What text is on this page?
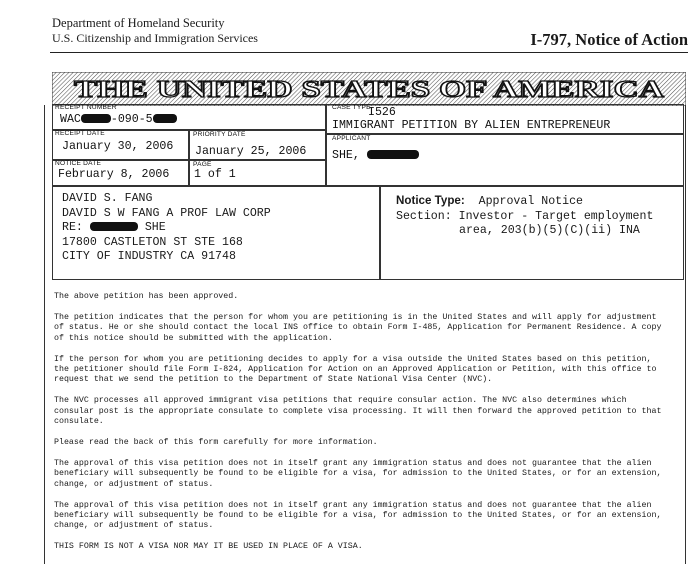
Department of Homeland Security
U.S. Citizenship and Immigration Services	I-797, Notice of Action
THE UNITED STATES OF AMERICA
RECEIPT NUMBER
WAC	-090-5
CASE TYPE
I526
IMMIGRANT PETITION BY ALIEN ENTREPRENEUR
RECEIPT DATE
January 30, 2006
PRIORITY DATE
January 25, 2006
APPLICANT
SHE,
NOTICE DATE
February 8, 2006
PAGE
1 of 1
DAVID S. FANG
DAVID S W FANG A PROF LAW CORP
RE:	SHE
17800 CASTLETON ST STE 168
CITY OF INDUSTRY CA 91748
Notice Type: Approval Notice
Section: Investor - Target employment
area, 203(b)(5)(C)(ii) INA

The above petition has been approved.

The petition indicates that the person for whom you are petitioning is in the United States and will apply for adjustment of status. He or she should contact the local INS office to obtain Form I-485, Application for Permanent Residence. A copy of this notice should be submitted with the application.

If the person for whom you are petitioning decides to apply for a visa outside the United States based on this petition, the petitioner should file Form I-824, Application for Action on an Approved Application or Petition, with this office to request that we send the petition to the Department of State National Visa Center (NVC).

The NVC processes all approved immigrant visa petitions that require consular action. The NVC also determines which consular post is the appropriate consulate to complete visa processing. It will then forward the approved petition to that consulate.

Please read the back of this form carefully for more information.

The approval of this visa petition does not in itself grant any immigration status and does not guarantee that the alien beneficiary will subsequently be found to be eligible for a visa, for admission to the United States, or for an extension, change, or adjustment of status.

The approval of this visa petition does not in itself grant any immigration status and does not guarantee that the alien beneficiary will subsequently be found to be eligible for a visa, for admission to the United States, or for an extension, change, or adjustment of status.

THIS FORM IS NOT A VISA NOR MAY IT BE USED IN PLACE OF A VISA.
